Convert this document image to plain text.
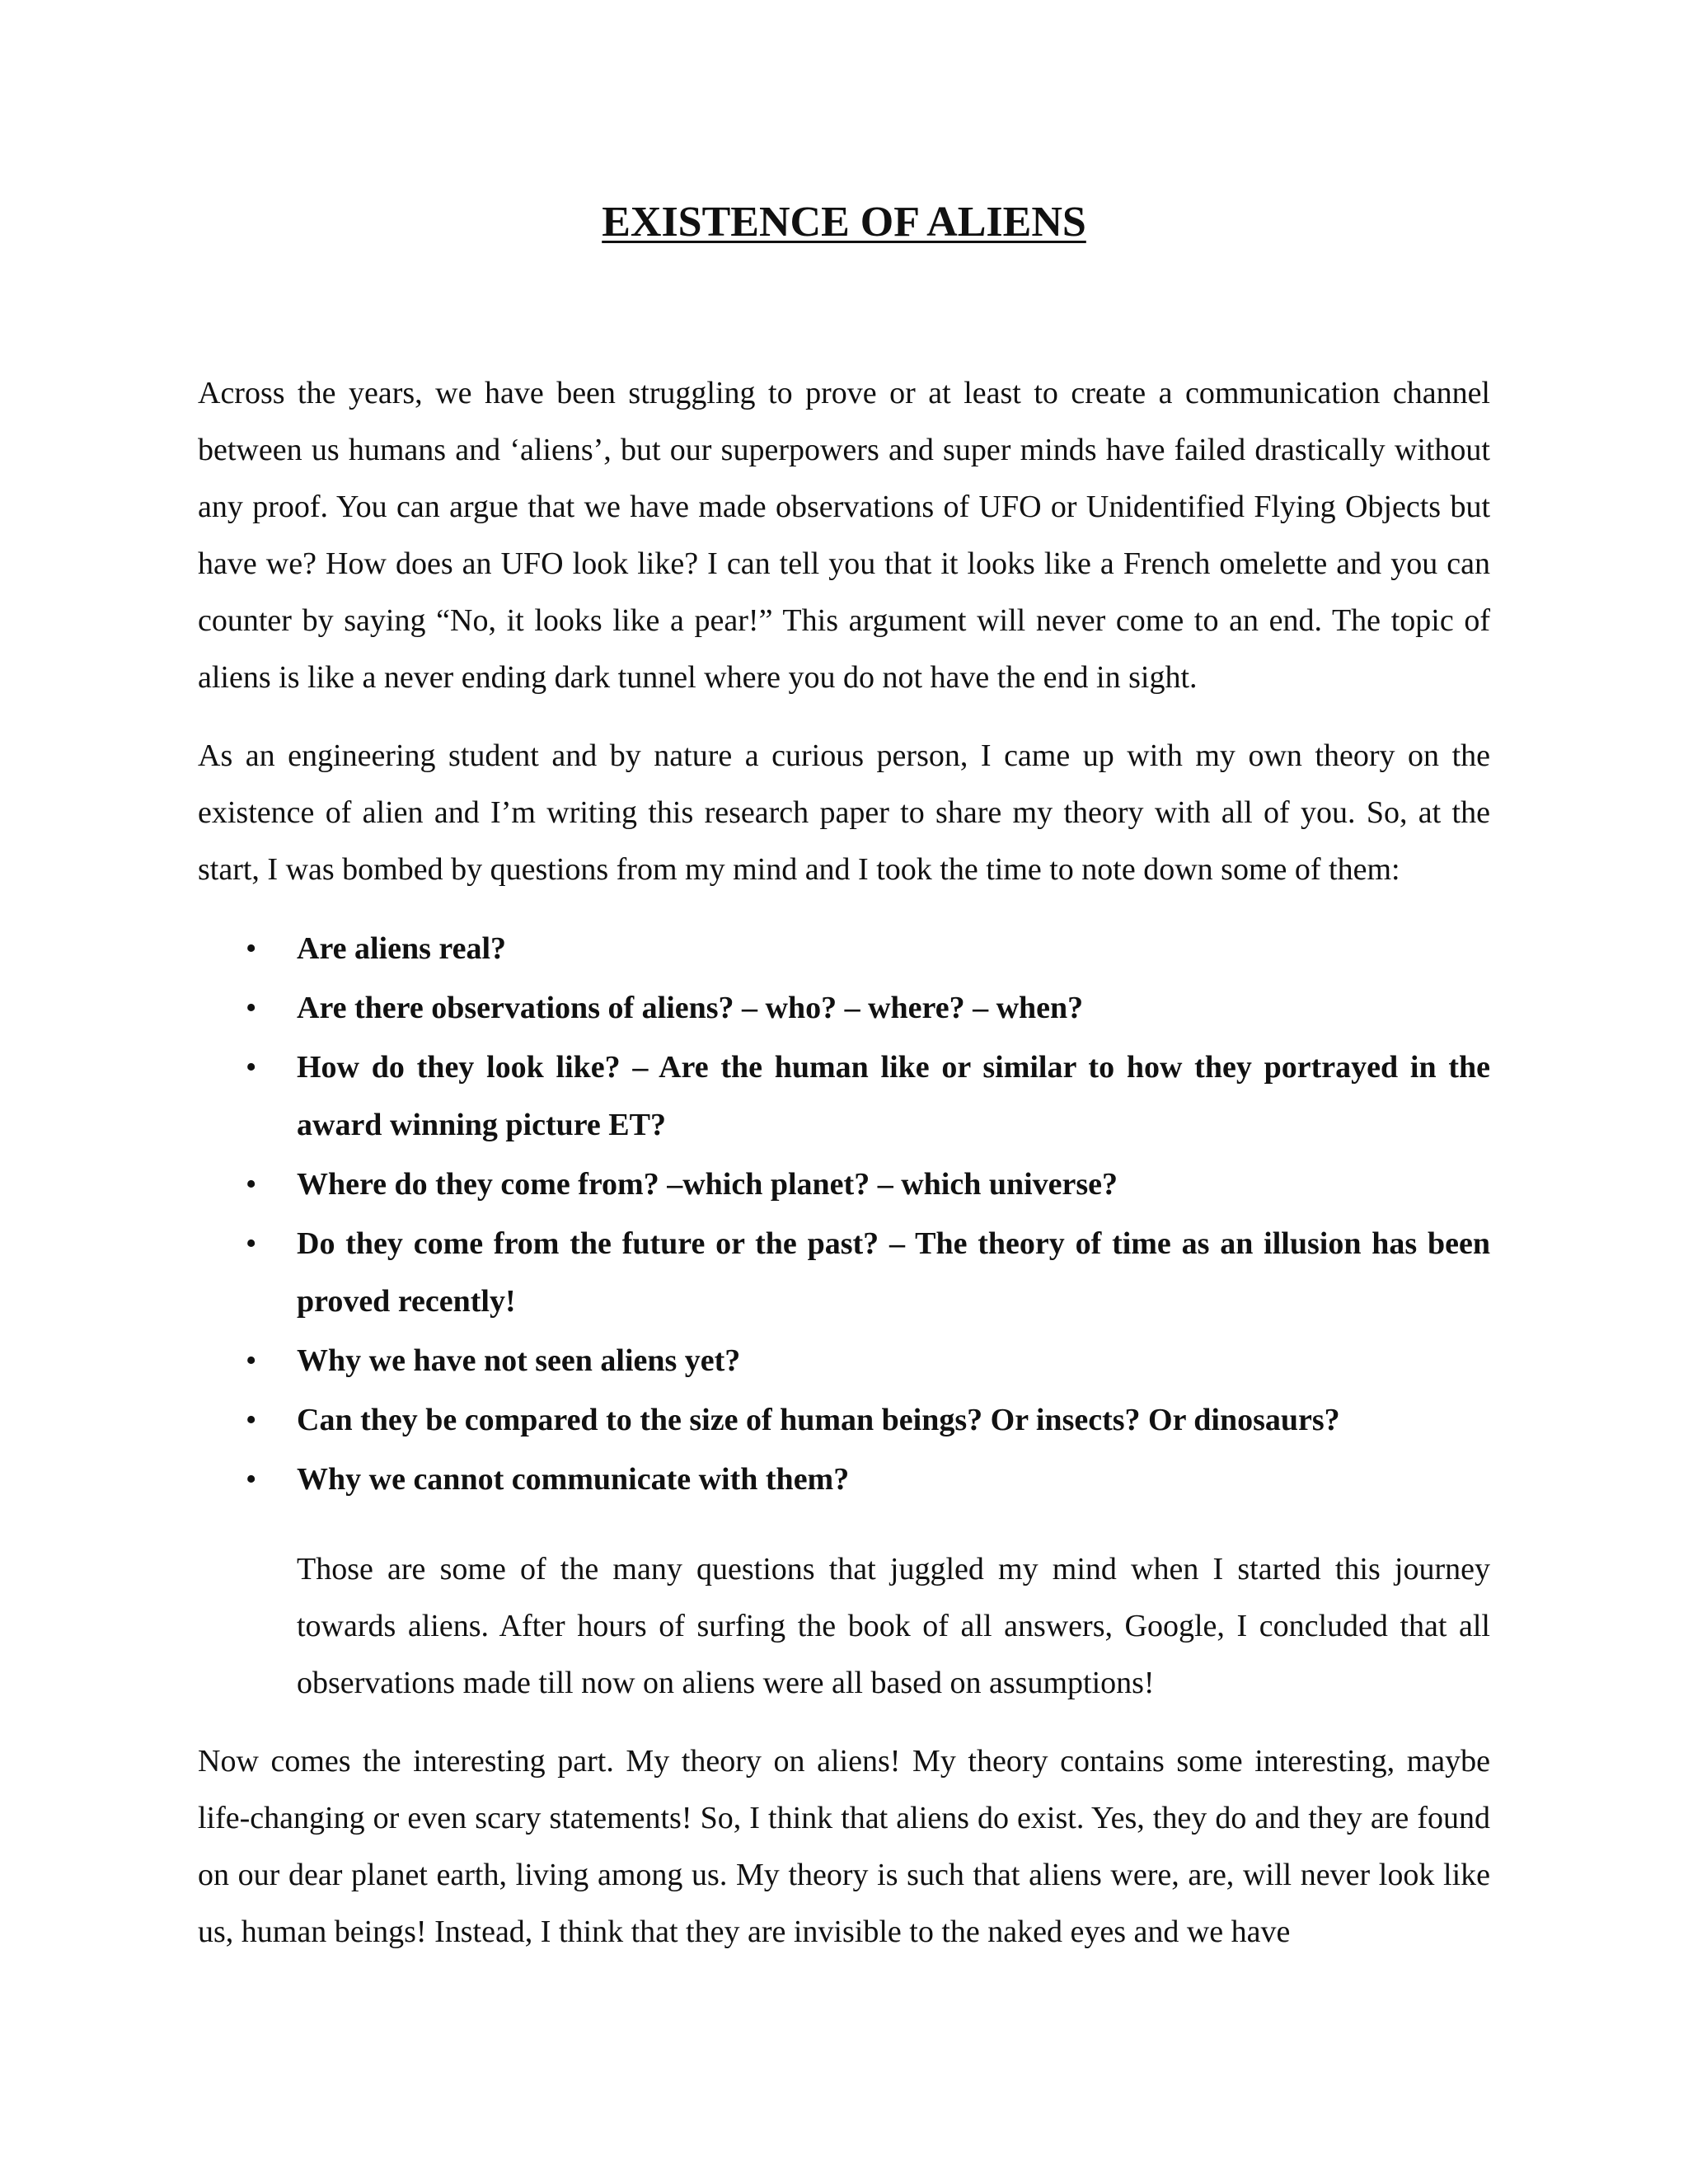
EXISTENCE OF ALIENS

Across the years, we have been struggling to prove or at least to create a communication channel between us humans and ‘aliens’, but our superpowers and super minds have failed drastically without any proof. You can argue that we have made observations of UFO or Unidentified Flying Objects but have we? How does an UFO look like? I can tell you that it looks like a French omelette and you can counter by saying “No, it looks like a pear!” This argument will never come to an end. The topic of aliens is like a never ending dark tunnel where you do not have the end in sight.

As an engineering student and by nature a curious person, I came up with my own theory on the existence of alien and I’m writing this research paper to share my theory with all of you. So, at the start, I was bombed by questions from my mind and I took the time to note down some of them:

• Are aliens real?
• Are there observations of aliens? – who? – where? – when?
• How do they look like? – Are the human like or similar to how they portrayed in the award winning picture ET?
• Where do they come from? –which planet? – which universe?
• Do they come from the future or the past? – The theory of time as an illusion has been proved recently!
• Why we have not seen aliens yet?
• Can they be compared to the size of human beings? Or insects? Or dinosaurs?
• Why we cannot communicate with them?

Those are some of the many questions that juggled my mind when I started this journey towards aliens. After hours of surfing the book of all answers, Google, I concluded that all observations made till now on aliens were all based on assumptions!

Now comes the interesting part. My theory on aliens! My theory contains some interesting, maybe life-changing or even scary statements! So, I think that aliens do exist. Yes, they do and they are found on our dear planet earth, living among us. My theory is such that aliens were, are, will never look like us, human beings! Instead, I think that they are invisible to the naked eyes and we have
